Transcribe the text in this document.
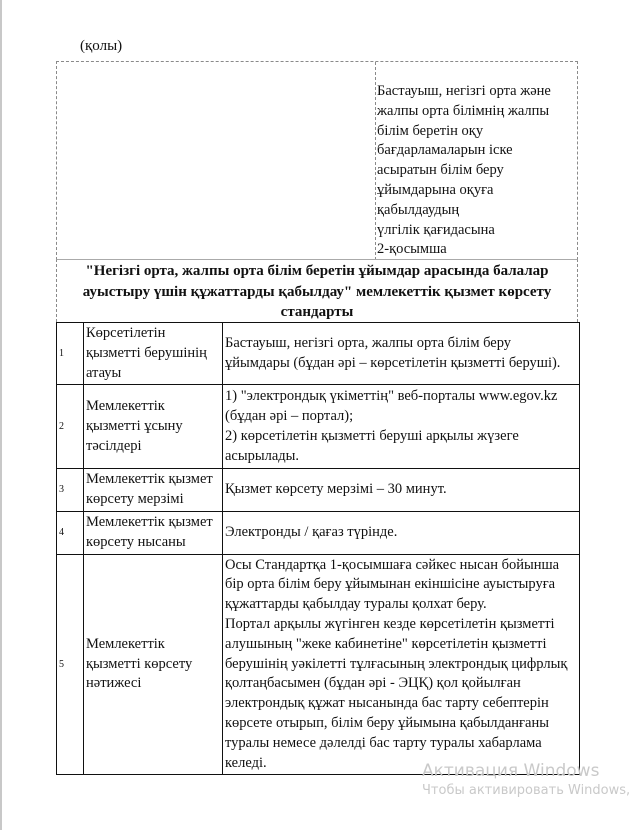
(қолы)
Бастауыш, негізгі орта және
жалпы орта білімнің жалпы
білім беретін оқу
бағдарламаларын іске
асыратын білім беру
ұйымдарына оқуға
қабылдаудың
үлгілік қағидасына
2-қосымша
"Негізгі орта, жалпы орта білім беретін ұйымдар арасында балалар ауыстыру үшін құжаттарды қабылдау" мемлекеттік қызмет көрсету стандарты
1	Көрсетілетін қызметті берушінің атауы	Бастауыш, негізгі орта, жалпы орта білім беру ұйымдары (бұдан әрі – көрсетілетін қызметті беруші).
2	Мемлекеттік қызметті ұсыну тәсілдері	1) "электрондық үкіметтің" веб-порталы www.egov.kz (бұдан әрі – портал);
2) көрсетілетін қызметті беруші арқылы жүзеге асырылады.

3	Мемлекеттік қызмет көрсету мерзімі	Қызмет көрсету мерзімі – 30 минут.
4	Мемлекеттік қызмет көрсету нысаны	Электронды / қағаз түрінде.
5	Мемлекеттік қызметті көрсету нәтижесі	Осы Стандартқа 1-қосымшаға сәйкес нысан бойынша бір орта білім беру ұйымынан екіншісіне ауыстыруға құжаттарды қабылдау туралы қолхат беру.
Портал арқылы жүгінген кезде көрсетілетін қызметті алушының "жеке кабинетіне" көрсетілетін қызметті берушінің уәкілетті тұлғасының электрондық цифрлық қолтаңбасымен (бұдан әрі - ЭЦҚ) қол қойылған электрондық құжат нысанында бас тарту себептерін көрсете отырып, білім беру ұйымына қабылданғаны туралы немесе дәлелді бас тарту туралы хабарлама келеді.	Активация Windows
Чтобы активировать Windows,
